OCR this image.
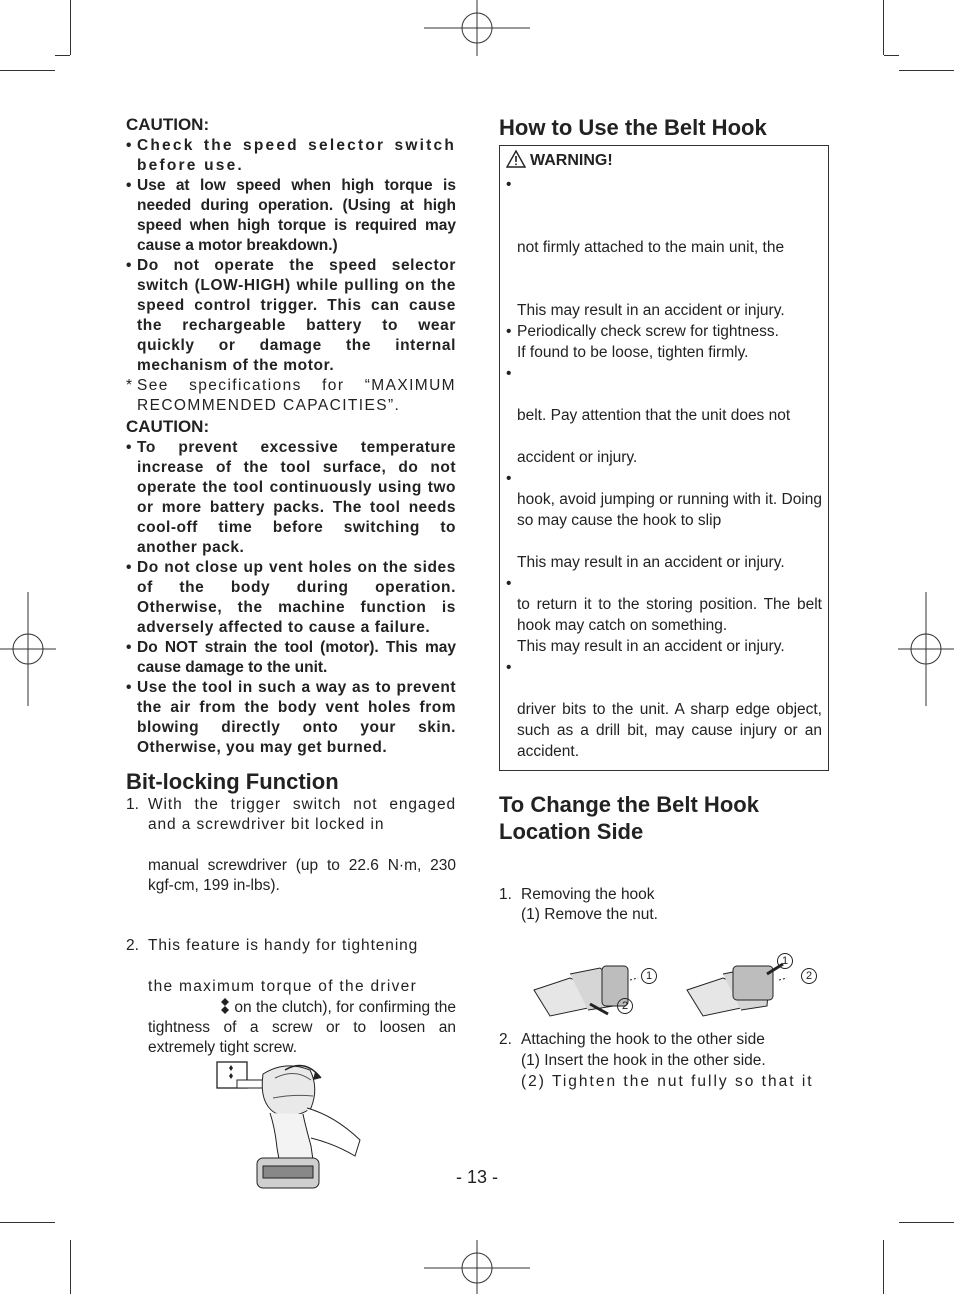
CAUTION:
• Check the speed selector switch before use.
• Use at low speed when high torque is needed during operation. (Using at high speed when high torque is required may cause a motor breakdown.)
• Do not operate the speed selector switch (LOW-HIGH) while pulling on the speed control trigger. This can cause the rechargeable battery to wear quickly or damage the internal mechanism of the motor.
* See specifications for “MAXIMUM RECOMMENDED CAPACITIES”.
CAUTION:
• To prevent excessive temperature increase of the tool surface, do not operate the tool continuously using two or more battery packs. The tool needs cool-off time before switching to another pack.
• Do not close up vent holes on the sides of the body during operation. Otherwise, the machine function is adversely affected to cause a failure.
• Do NOT strain the tool (motor). This may cause damage to the unit.
• Use the tool in such a way as to prevent the air from the body vent holes from blowing directly onto your skin. Otherwise, you may get burned.
Bit-locking Function
1. With the trigger switch not engaged and a screwdriver bit locked in
manual screwdriver (up to 22.6 N·m, 230 kgf-cm, 199 in-lbs).
2. This feature is handy for tightening
the maximum torque of the driver
on the clutch), for confirming the tightness of a screw or to loosen an extremely tight screw.
How to Use the Belt Hook
WARNING!
•
not firmly attached to the main unit, the
This may result in an accident or injury.
• Periodically check screw for tightness.
If found to be loose, tighten firmly.
•
belt. Pay attention that the unit does not
accident or injury.
•
hook, avoid jumping or running with it. Doing so may cause the hook to slip
This may result in an accident or injury.
•
to return it to the storing position. The belt hook may catch on something.
This may result in an accident or injury.
•
driver bits to the unit. A sharp edge object, such as a drill bit, may cause injury or an accident.
To Change the Belt Hook Location Side
1. Removing the hook
(1) Remove the nut.
2. Attaching the hook to the other side
(1) Insert the hook in the other side.
(2) Tighten the nut fully so that it
1
2
1
2
- 13 -
